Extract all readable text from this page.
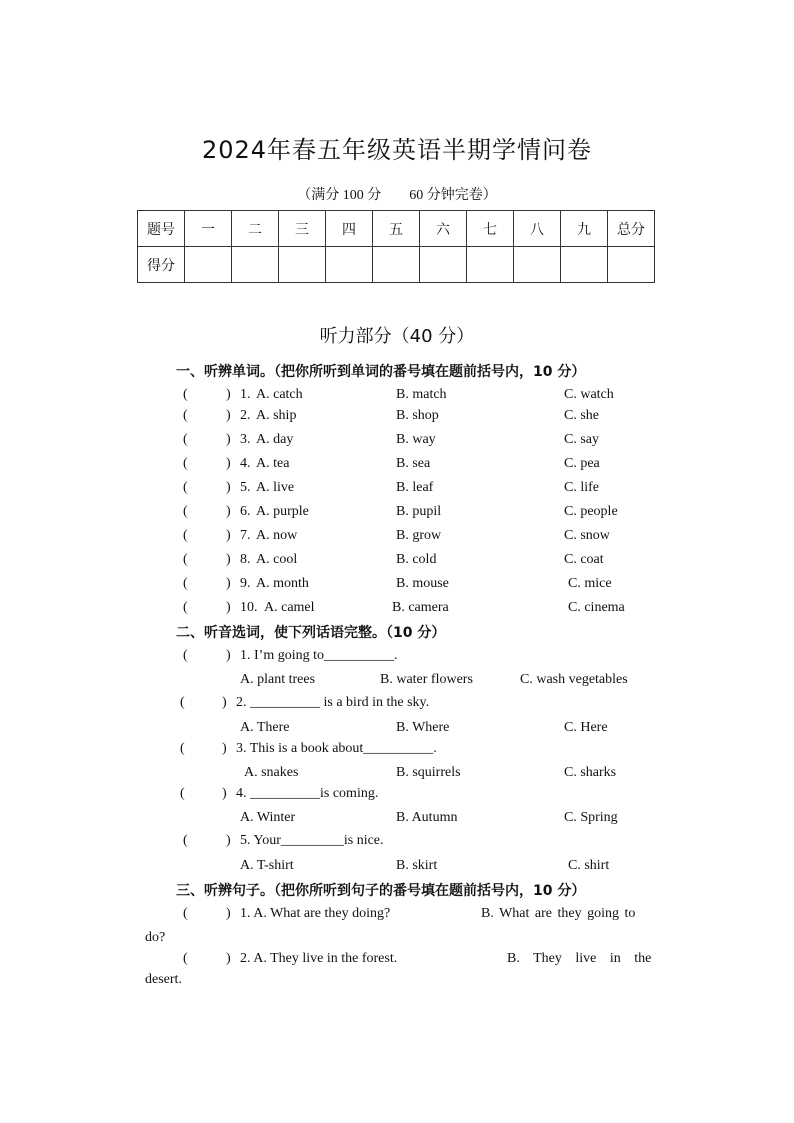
2024年春五年级英语半期学情问卷
（满分 100 分　　60 分钟完卷）
题号	一	二	三	四	五	六	七	八	九	总分
得分										
听力部分（40 分）
一、听辨单词。（把你所听到单词的番号填在题前括号内，10 分）
(	) 1. A. catch	B. match	C. watch
(	) 2. A. ship	B. shop	C. she
(	) 3. A. day	B. way	C. say
(	) 4. A. tea	B. sea	C. pea
(	) 5. A. live	B. leaf	C. life
(	) 6. A. purple	B. pupil	C. people
(	) 7. A. now	B. grow	C. snow
(	) 8. A. cool	B. cold	C. coat
(	) 9. A. month	B. mouse	C. mice
(	) 10. A. camel	B. camera	C. cinema
二、听音选词，使下列话语完整。（10 分）
(	) 1. I’m going to__________.
A. plant trees	B. water flowers	C. wash vegetables
(	) 2. __________ is a bird in the sky.
A. There	B. Where	C. Here
(	) 3. This is a book about__________.
A. snakes	B. squirrels	C. sharks
(	) 4. __________is coming.
A. Winter	B. Autumn	C. Spring
(	) 5. Your_________is nice.
A. T-shirt	B. skirt	C. shirt
三、听辨句子。（把你所听到句子的番号填在题前括号内，10 分）
(	) 1. A. What are they doing?	B. What are they going to
do?
(	) 2. A. They live in the forest.	B. They live in the
desert.
